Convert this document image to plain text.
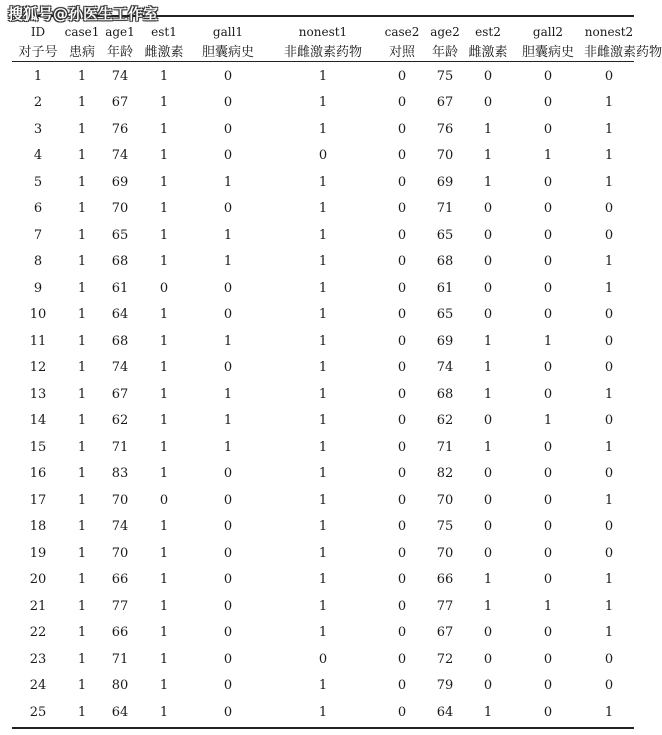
搜狐号@孙医生工作室
ID	case1	age1	est1	gall1	nonest1	case2	age2	est2	gall2	nonest2
对子号	患病	年龄	雌激素	胆囊病史	非雌激素药物	对照	年龄	雌激素	胆囊病史	非雌激素药物
1	1	74	1	0	1	0	75	0	0	0
2	1	67	1	0	1	0	67	0	0	1
3	1	76	1	0	1	0	76	1	0	1
4	1	74	1	0	0	0	70	1	1	1
5	1	69	1	1	1	0	69	1	0	1
6	1	70	1	0	1	0	71	0	0	0
7	1	65	1	1	1	0	65	0	0	0
8	1	68	1	1	1	0	68	0	0	1
9	1	61	0	0	1	0	61	0	0	1
10	1	64	1	0	1	0	65	0	0	0
11	1	68	1	1	1	0	69	1	1	0
12	1	74	1	0	1	0	74	1	0	0
13	1	67	1	1	1	0	68	1	0	1
14	1	62	1	1	1	0	62	0	1	0
15	1	71	1	1	1	0	71	1	0	1
16	1	83	1	0	1	0	82	0	0	0
17	1	70	0	0	1	0	70	0	0	1
18	1	74	1	0	1	0	75	0	0	0
19	1	70	1	0	1	0	70	0	0	0
20	1	66	1	0	1	0	66	1	0	1
21	1	77	1	0	1	0	77	1	1	1
22	1	66	1	0	1	0	67	0	0	1
23	1	71	1	0	0	0	72	0	0	0
24	1	80	1	0	1	0	79	0	0	0
25	1	64	1	0	1	0	64	1	0	1
